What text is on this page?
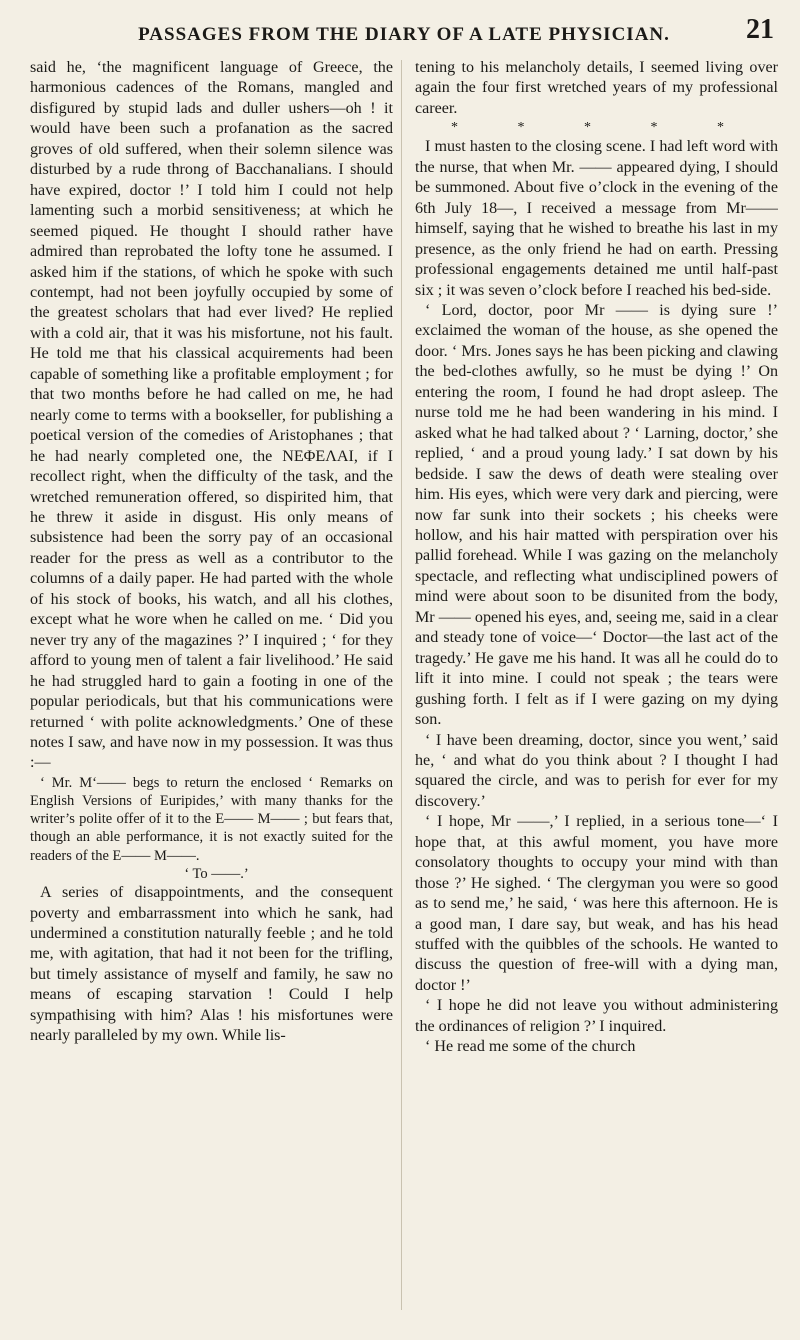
PASSAGES FROM THE DIARY OF A LATE PHYSICIAN.	21

said he, ‘the magnificent language of Greece, the harmonious cadences of the Romans, mangled and disfigured by stupid lads and duller ushers—oh ! it would have been such a profanation as the sacred groves of old suffered, when their solemn silence was disturbed by a rude throng of Bacchanalians. I should have expired, doctor !’ I told him I could not help lamenting such a morbid sensitiveness; at which he seemed piqued. He thought I should rather have admired than reprobated the lofty tone he assumed. I asked him if the stations, of which he spoke with such contempt, had not been joyfully occupied by some of the greatest scholars that had ever lived? He replied with a cold air, that it was his misfortune, not his fault. He told me that his classical acquirements had been capable of something like a profitable employment ; for that two months before he had called on me, he had nearly come to terms with a bookseller, for publishing a poetical version of the comedies of Aristophanes ; that he had nearly completed one, the ΝΕΦΕΛΑΙ, if I recollect right, when the difficulty of the task, and the wretched remuneration offered, so dispirited him, that he threw it aside in disgust. His only means of subsistence had been the sorry pay of an occasional reader for the press as well as a contributor to the columns of a daily paper. He had parted with the whole of his stock of books, his watch, and all his clothes, except what he wore when he called on me. ‘ Did you never try any of the magazines ?’ I inquired ; ‘ for they afford to young men of talent a fair livelihood.’ He said he had struggled hard to gain a footing in one of the popular periodicals, but that his communications were returned ‘ with polite acknowledgments.’ One of these notes I saw, and have now in my possession. It was thus :—

‘ Mr. M‘—— begs to return the enclosed ‘ Remarks on English Versions of Euripides,’ with many thanks for the writer’s polite offer of it to the E—— M—— ; but fears that, though an able performance, it is not exactly suited for the readers of the E—— M——.

‘ To ——.’

A series of disappointments, and the consequent poverty and embarrassment into which he sank, had undermined a constitution naturally feeble ; and he told me, with agitation, that had it not been for the trifling, but timely assistance of myself and family, he saw no means of escaping starvation ! Could I help sympathising with him? Alas ! his misfortunes were nearly paralleled by my own. While lis-

tening to his melancholy details, I seemed living over again the four first wretched years of my professional career.

* * * * *

I must hasten to the closing scene. I had left word with the nurse, that when Mr. —— appeared dying, I should be summoned. About five o’clock in the evening of the 6th July 18—, I received a message from Mr—— himself, saying that he wished to breathe his last in my presence, as the only friend he had on earth. Pressing professional engagements detained me until half-past six ; it was seven o’clock before I reached his bed-side.

‘ Lord, doctor, poor Mr —— is dying sure !’ exclaimed the woman of the house, as she opened the door. ‘ Mrs. Jones says he has been picking and clawing the bed-clothes awfully, so he must be dying !’ On entering the room, I found he had dropt asleep. The nurse told me he had been wandering in his mind. I asked what he had talked about ? ‘ Larning, doctor,’ she replied, ‘ and a proud young lady.’ I sat down by his bedside. I saw the dews of death were stealing over him. His eyes, which were very dark and piercing, were now far sunk into their sockets ; his cheeks were hollow, and his hair matted with perspiration over his pallid forehead. While I was gazing on the melancholy spectacle, and reflecting what undisciplined powers of mind were about soon to be disunited from the body, Mr —— opened his eyes, and, seeing me, said in a clear and steady tone of voice—‘ Doctor—the last act of the tragedy.’ He gave me his hand. It was all he could do to lift it into mine. I could not speak ; the tears were gushing forth. I felt as if I were gazing on my dying son.

‘ I have been dreaming, doctor, since you went,’ said he, ‘ and what do you think about ? I thought I had squared the circle, and was to perish for ever for my discovery.’

‘ I hope, Mr ——,’ I replied, in a serious tone—‘ I hope that, at this awful moment, you have more consolatory thoughts to occupy your mind with than those ?’ He sighed. ‘ The clergyman you were so good as to send me,’ he said, ‘ was here this afternoon. He is a good man, I dare say, but weak, and has his head stuffed with the quibbles of the schools. He wanted to discuss the question of free-will with a dying man, doctor !’

‘ I hope he did not leave you without administering the ordinances of religion ?’ I inquired.

‘ He read me some of the church
